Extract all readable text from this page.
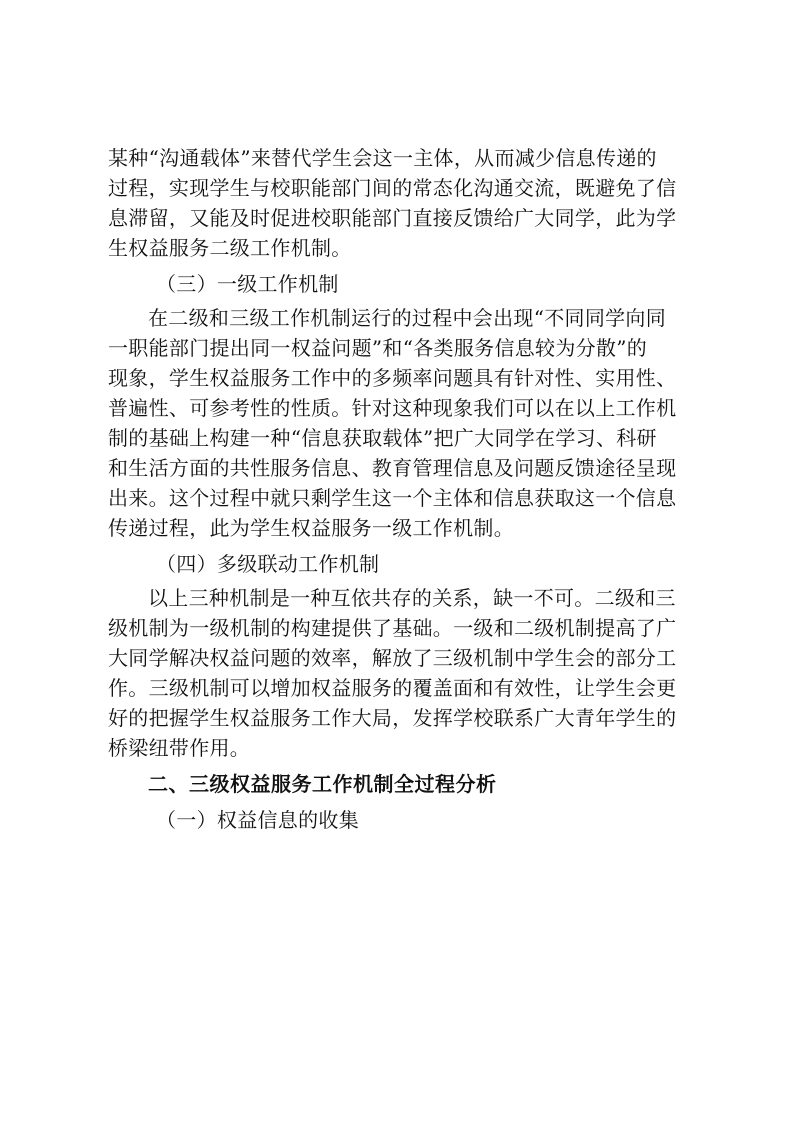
某种“沟通载体”来替代学生会这一主体，从而减少信息传递的
过程，实现学生与校职能部门间的常态化沟通交流，既避免了信
息滞留，又能及时促进校职能部门直接反馈给广大同学，此为学
生权益服务二级工作机制。
（三）一级工作机制
在二级和三级工作机制运行的过程中会出现“不同同学向同
一职能部门提出同一权益问题”和“各类服务信息较为分散”的
现象，学生权益服务工作中的多频率问题具有针对性、实用性、
普遍性、可参考性的性质。针对这种现象我们可以在以上工作机
制的基础上构建一种“信息获取载体”把广大同学在学习、科研
和生活方面的共性服务信息、教育管理信息及问题反馈途径呈现
出来。这个过程中就只剩学生这一个主体和信息获取这一个信息
传递过程，此为学生权益服务一级工作机制。
（四）多级联动工作机制
以上三种机制是一种互依共存的关系，缺一不可。二级和三
级机制为一级机制的构建提供了基础。一级和二级机制提高了广
大同学解决权益问题的效率，解放了三级机制中学生会的部分工
作。三级机制可以增加权益服务的覆盖面和有效性，让学生会更
好的把握学生权益服务工作大局，发挥学校联系广大青年学生的
桥梁纽带作用。
二、三级权益服务工作机制全过程分析
（一）权益信息的收集
